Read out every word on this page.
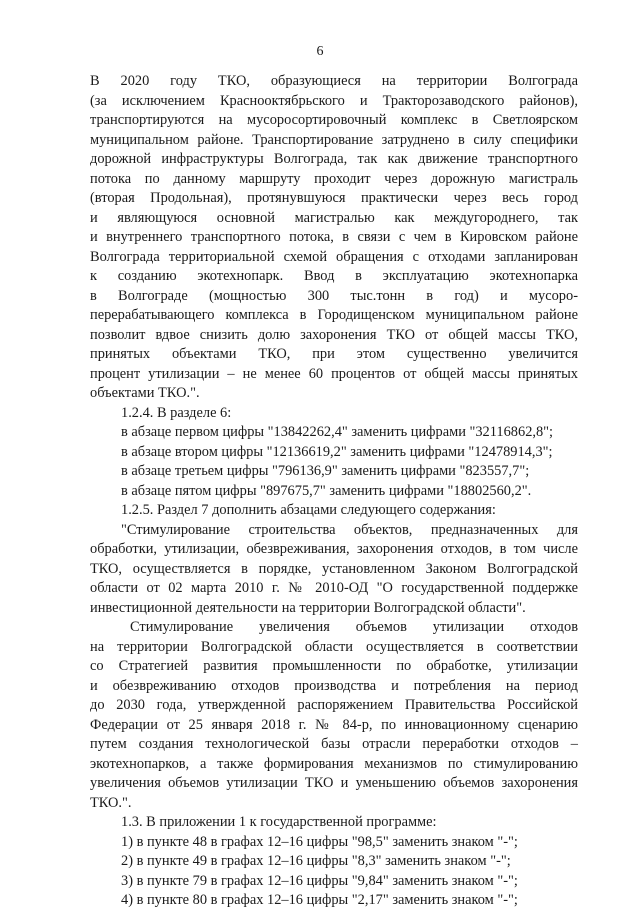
6
В 2020 году ТКО, образующиеся на территории Волгограда
(за исключением Краснооктябрьского и Тракторозаводского районов),
транспортируются на мусоросортировочный комплекс в Светлоярском
муниципальном районе. Транспортирование затруднено в силу специфики
дорожной инфраструктуры Волгограда, так как движение транспортного
потока по данному маршруту проходит через дорожную магистраль
(вторая Продольная), протянувшуюся практически через весь город
и являющуюся основной магистралью как междугороднего, так
и внутреннего транспортного потока, в связи с чем в Кировском районе
Волгограда территориальной схемой обращения с отходами запланирован
к созданию экотехнопарк. Ввод в эксплуатацию экотехнопарка
в Волгограде (мощностью 300 тыс.тонн в год) и мусоро-
перерабатывающего комплекса в Городищенском муниципальном районе
позволит вдвое снизить долю захоронения ТКО от общей массы ТКО,
принятых объектами ТКО, при этом существенно увеличится
процент утилизации – не менее 60 процентов от общей массы принятых
объектами ТКО.".
1.2.4. В разделе 6:
в абзаце первом цифры "13842262,4" заменить цифрами "32116862,8";
в абзаце втором цифры "12136619,2" заменить цифрами "12478914,3";
в абзаце третьем цифры "796136,9" заменить цифрами "823557,7";
в абзаце пятом цифры "897675,7" заменить цифрами "18802560,2".
1.2.5. Раздел 7 дополнить абзацами следующего содержания:
"Стимулирование строительства объектов, предназначенных для
обработки, утилизации, обезвреживания, захоронения отходов, в том числе
ТКО, осуществляется в порядке, установленном Законом Волгоградской
области от 02 марта 2010 г. № 2010-ОД "О государственной поддержке
инвестиционной деятельности на территории Волгоградской области".
Стимулирование увеличения объемов утилизации отходов
на территории Волгоградской области осуществляется в соответствии
со Стратегией развития промышленности по обработке, утилизации
и обезвреживанию отходов производства и потребления на период
до 2030 года, утвержденной распоряжением Правительства Российской
Федерации от 25 января 2018 г. № 84-р, по инновационному сценарию
путем создания технологической базы отрасли переработки отходов –
экотехнопарков, а также формирования механизмов по стимулированию
увеличения объемов утилизации ТКО и уменьшению объемов захоронения
ТКО.".
1.3. В приложении 1 к государственной программе:
1) в пункте 48 в графах 12–16 цифры "98,5" заменить знаком "-";
2) в пункте 49 в графах 12–16 цифры "8,3" заменить знаком "-";
3) в пункте 79 в графах 12–16 цифры "9,84" заменить знаком "-";
4) в пункте 80 в графах 12–16 цифры "2,17" заменить знаком "-";
